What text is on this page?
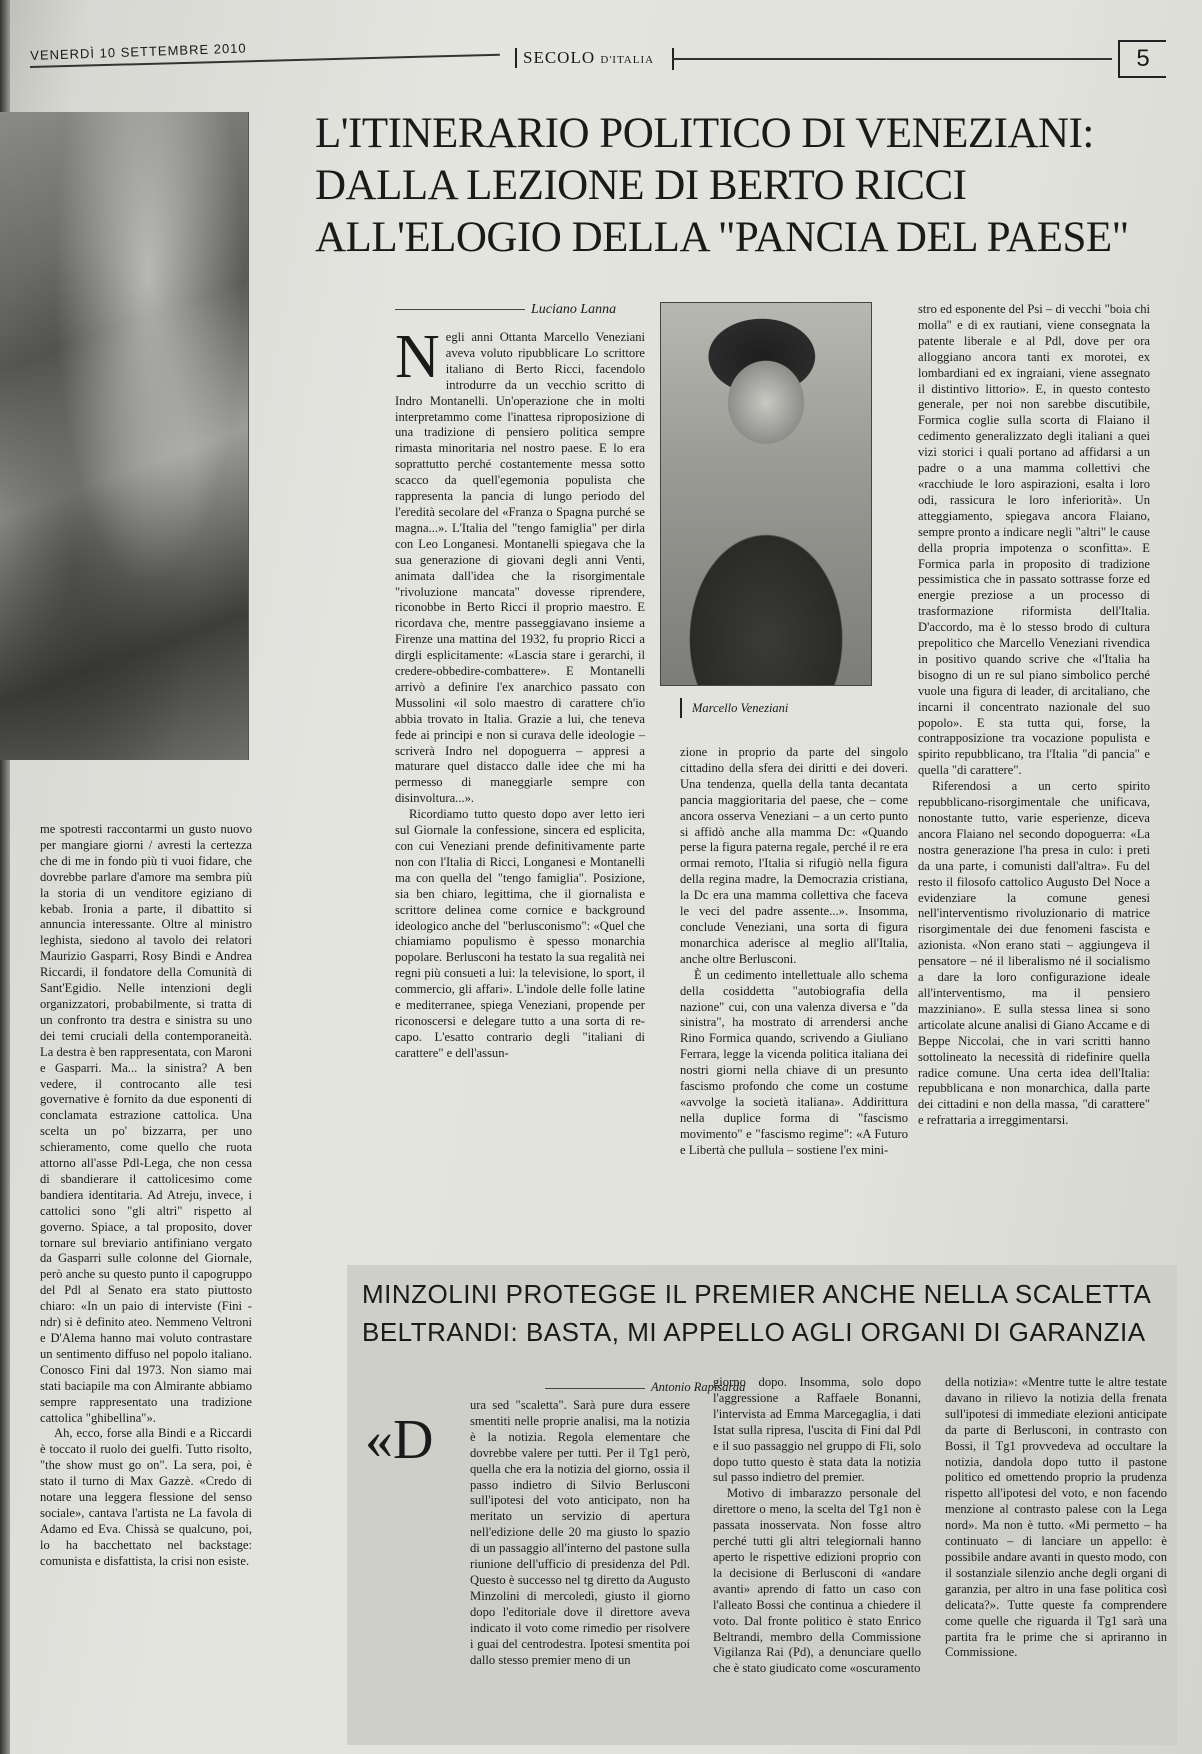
VENERDÌ 10 SETTEMBRE 2010	SECOLO D'ITALIA	5
L'ITINERARIO POLITICO DI VENEZIANI:
DALLA LEZIONE DI BERTO RICCI
ALL'ELOGIO DELLA "PANCIA DEL PAESE"
Luciano Lanna

Negli anni Ottanta Marcello Veneziani aveva voluto ripubblicare Lo scrittore italiano di Berto Ricci, facendolo introdurre da un vecchio scritto di Indro Montanelli. Un'operazione che in molti interpretammo come l'inattesa riproposizione di una tradizione di pensiero politica sempre rimasta minoritaria nel nostro paese. E lo era soprattutto perché costantemente messa sotto scacco da quell'egemonia populista che rappresenta la pancia di lungo periodo del l'eredità secolare del «Franza o Spagna purché se magna...». L'Italia del "tengo famiglia" per dirla con Leo Longanesi. Montanelli spiegava che la sua generazione di giovani degli anni Venti, animata dall'idea che la risorgimentale "rivoluzione mancata" dovesse riprendere, riconobbe in Berto Ricci il proprio maestro. E ricordava che, mentre passeggiavano insieme a Firenze una mattina del 1932, fu proprio Ricci a dirgli esplicitamente: «Lascia stare i gerarchi, il credere-obbedire-combattere». E Montanelli arrivò a definire l'ex anarchico passato con Mussolini «il solo maestro di carattere ch'io abbia trovato in Italia. Grazie a lui, che teneva fede ai princìpi e non si curava delle ideologie – scriverà Indro nel dopoguerra – appresi a maturare quel distacco dalle idee che mi ha permesso di maneggiarle sempre con disinvoltura...».

Ricordiamo tutto questo dopo aver letto ieri sul Giornale la confessione, sincera ed esplicita, con cui Veneziani prende definitivamente parte non con l'Italia di Ricci, Longanesi e Montanelli ma con quella del "tengo famiglia". Posizione, sia ben chiaro, legittima, che il giornalista e scrittore delinea come cornice e background ideologico anche del "berlusconismo": «Quel che chiamiamo populismo è spesso monarchia popolare. Berlusconi ha testato la sua regalità nei regni più consueti a lui: la televisione, lo sport, il commercio, gli affari». L'indole delle folle latine e mediterranee, spiega Veneziani, propende per riconoscersi e delegare tutto a una sorta di re-capo. L'esatto contrario degli "italiani di carattere" e dell'assun-

Marcello Veneziani

me spotresti raccontarmi un gusto nuovo per mangiare giorni / avresti la certezza che di me in fondo più ti vuoi fidare, che dovrebbe parlare d'amore ma sembra più la storia di un venditore egiziano di kebab. Ironia a parte, il dibattito si annuncia interessante. Oltre al ministro leghista, siedono al tavolo dei relatori Maurizio Gasparri, Rosy Bindi e Andrea Riccardi, il fondatore della Comunità di Sant'Egidio. Nelle intenzioni degli organizzatori, probabilmente, si tratta di un confronto tra destra e sinistra su uno dei temi cruciali della contemporaneità. La destra è ben rappresentata, con Maroni e Gasparri. Ma... la sinistra? A ben vedere, il controcanto alle tesi governative è fornito da due esponenti di conclamata estrazione cattolica. Una scelta un po' bizzarra, per uno schieramento, come quello che ruota attorno all'asse Pdl-Lega, che non cessa di sbandierare il cattolicesimo come bandiera identitaria. Ad Atreju, invece, i cattolici sono "gli altri" rispetto al governo. Spiace, a tal proposito, dover tornare sul breviario antifiniano vergato da Gasparri sulle colonne del Giornale, però anche su questo punto il capogruppo del Pdl al Senato era stato piuttosto chiaro: «In un paio di interviste (Fini - ndr) si è definito ateo. Nemmeno Veltroni e D'Alema hanno mai voluto contrastare un sentimento diffuso nel popolo italiano. Conosco Fini dal 1973. Non siamo mai stati baciapile ma con Almirante abbiamo sempre rappresentato una tradizione cattolica "ghibellina"».

Ah, ecco, forse alla Bindi e a Riccardi è toccato il ruolo dei guelfi. Tutto risolto, "the show must go on". La sera, poi, è stato il turno di Max Gazzè. «Credo di notare una leggera flessione del senso sociale», cantava l'artista ne La favola di Adamo ed Eva. Chissà se qualcuno, poi, lo ha bacchettato nel backstage: comunista e disfattista, la crisi non esiste.

zione in proprio da parte del singolo cittadino della sfera dei diritti e dei doveri. Una tendenza, quella della tanta decantata pancia maggioritaria del paese, che – come ancora osserva Veneziani – a un certo punto si affidò anche alla mamma Dc: «Quando perse la figura paterna regale, perché il re era ormai remoto, l'Italia si rifugiò nella figura della regina madre, la Democrazia cristiana, la Dc era una mamma collettiva che faceva le veci del padre assente...». Insomma, conclude Veneziani, una sorta di figura monarchica aderisce al meglio all'Italia, anche oltre Berlusconi.

È un cedimento intellettuale allo schema della cosiddetta "autobiografia della nazione" cui, con una valenza diversa e "da sinistra", ha mostrato di arrendersi anche Rino Formica quando, scrivendo a Giuliano Ferrara, legge la vicenda politica italiana dei nostri giorni nella chiave di un presunto fascismo profondo che come un costume «avvolge la società italiana». Addirittura nella duplice forma di "fascismo movimento" e "fascismo regime": «A Futuro e Libertà che pullula – sostiene l'ex mini-

stro ed esponente del Psi – di vecchi "boia chi molla" e di ex rautiani, viene consegnata la patente liberale e al Pdl, dove per ora alloggiano ancora tanti ex morotei, ex lombardiani ed ex ingraiani, viene assegnato il distintivo littorio». E, in questo contesto generale, per noi non sarebbe discutibile, Formica coglie sulla scorta di Flaiano il cedimento generalizzato degli italiani a quei vizi storici i quali portano ad affidarsi a un padre o a una mamma collettivi che «racchiude le loro aspirazioni, esalta i loro odi, rassicura le loro inferiorità». Un atteggiamento, spiegava ancora Flaiano, sempre pronto a indicare negli "altri" le cause della propria impotenza o sconfitta». E Formica parla in proposito di tradizione pessimistica che in passato sottrasse forze ed energie preziose a un processo di trasformazione riformista dell'Italia. D'accordo, ma è lo stesso brodo di cultura prepolitico che Marcello Veneziani rivendica in positivo quando scrive che «l'Italia ha bisogno di un re sul piano simbolico perché vuole una figura di leader, di arcitaliano, che incarni il concentrato nazionale del suo popolo». E sta tutta qui, forse, la contrapposizione tra vocazione populista e spirito repubblicano, tra l'Italia "di pancia" e quella "di carattere".

Riferendosi a un certo spirito repubblicano-risorgimentale che unificava, nonostante tutto, varie esperienze, diceva ancora Flaiano nel secondo dopoguerra: «La nostra generazione l'ha presa in culo: i preti da una parte, i comunisti dall'altra». Fu del resto il filosofo cattolico Augusto Del Noce a evidenziare la comune genesi nell'interventismo rivoluzionario di matrice risorgimentale dei due fenomeni fascista e azionista. «Non erano stati – aggiungeva il pensatore – né il liberalismo né il socialismo a dare la loro configurazione ideale all'interventismo, ma il pensiero mazziniano». E sulla stessa linea si sono articolate alcune analisi di Giano Accame e di Beppe Niccolai, che in vari scritti hanno sottolineato la necessità di ridefinire quella radice comune. Una certa idea dell'Italia: repubblicana e non monarchica, dalla parte dei cittadini e non della massa, "di carattere" e refrattaria a irreggimentarsi.

MINZOLINI PROTEGGE IL PREMIER ANCHE NELLA SCALETTA
BELTRANDI: BASTA, MI APPELLO AGLI ORGANI DI GARANZIA
Antonio Rapisarda
«D

ura sed "scaletta". Sarà pure dura essere smentiti nelle proprie analisi, ma la notizia è la notizia. Regola elementare che dovrebbe valere per tutti. Per il Tg1 però, quella che era la notizia del giorno, ossia il passo indietro di Silvio Berlusconi sull'ipotesi del voto anticipato, non ha meritato un servizio di apertura nell'edizione delle 20 ma giusto lo spazio di un passaggio all'interno del pastone sulla riunione dell'ufficio di presidenza del Pdl. Questo è successo nel tg diretto da Augusto Minzolini di mercoledì, giusto il giorno dopo l'editoriale dove il direttore aveva indicato il voto come rimedio per risolvere i guai del centrodestra. Ipotesi smentita poi dallo stesso premier meno di un

giorno dopo. Insomma, solo dopo l'aggressione a Raffaele Bonanni, l'intervista ad Emma Marcegaglia, i dati Istat sulla ripresa, l'uscita di Fini dal Pdl e il suo passaggio nel gruppo di Fli, solo dopo tutto questo è stata data la notizia sul passo indietro del premier.

Motivo di imbarazzo personale del direttore o meno, la scelta del Tg1 non è passata inosservata. Non fosse altro perché tutti gli altri telegiornali hanno aperto le rispettive edizioni proprio con la decisione di Berlusconi di «andare avanti» aprendo di fatto un caso con l'alleato Bossi che continua a chiedere il voto. Dal fronte politico è stato Enrico Beltrandi, membro della Commissione Vigilanza Rai (Pd), a denunciare quello che è stato giudicato come «oscuramento

della notizia»: «Mentre tutte le altre testate davano in rilievo la notizia della frenata sull'ipotesi di immediate elezioni anticipate da parte di Berlusconi, in contrasto con Bossi, il Tg1 provvedeva ad occultare la notizia, dandola dopo tutto il pastone politico ed omettendo proprio la prudenza rispetto all'ipotesi del voto, e non facendo menzione al contrasto palese con la Lega nord». Ma non è tutto. «Mi permetto – ha continuato – di lanciare un appello: è possibile andare avanti in questo modo, con il sostanziale silenzio anche degli organi di garanzia, per altro in una fase politica così delicata?». Tutte queste fa comprendere come quelle che riguarda il Tg1 sarà una partita fra le prime che si apriranno in Commissione.
